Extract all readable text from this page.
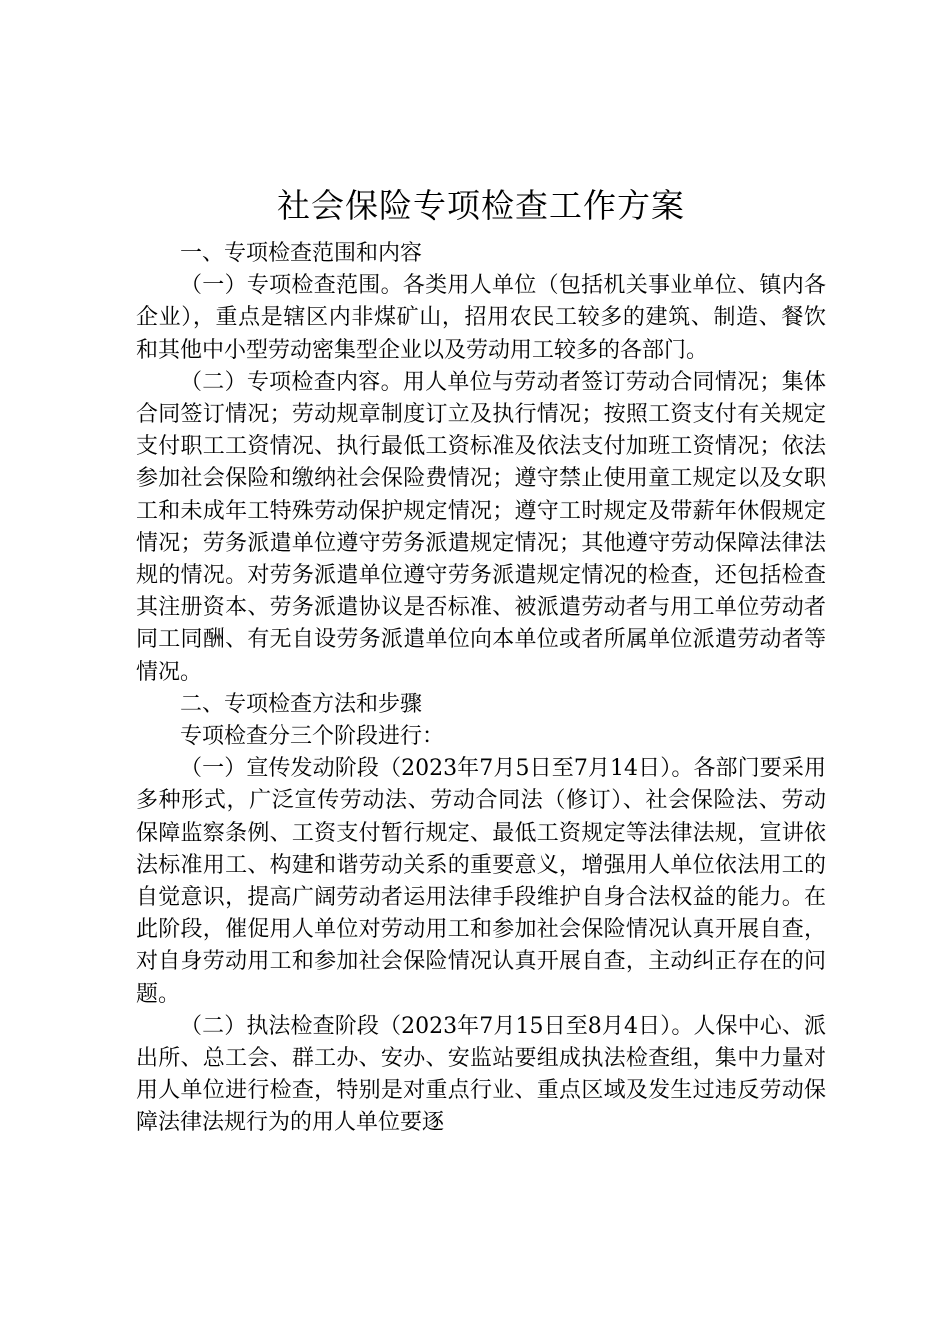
社会保险专项检查工作方案

一、专项检查范围和内容

（一）专项检查范围。各类用人单位（包括机关事业单位、镇内各企业），重点是辖区内非煤矿山，招用农民工较多的建筑、制造、餐饮和其他中小型劳动密集型企业以及劳动用工较多的各部门。

（二）专项检查内容。用人单位与劳动者签订劳动合同情况；集体合同签订情况；劳动规章制度订立及执行情况；按照工资支付有关规定支付职工工资情况、执行最低工资标准及依法支付加班工资情况；依法参加社会保险和缴纳社会保险费情况；遵守禁止使用童工规定以及女职工和未成年工特殊劳动保护规定情况；遵守工时规定及带薪年休假规定情况；劳务派遣单位遵守劳务派遣规定情况；其他遵守劳动保障法律法规的情况。对劳务派遣单位遵守劳务派遣规定情况的检查，还包括检查其注册资本、劳务派遣协议是否标准、被派遣劳动者与用工单位劳动者同工同酬、有无自设劳务派遣单位向本单位或者所属单位派遣劳动者等情况。

二、专项检查方法和步骤

专项检查分三个阶段进行：

（一）宣传发动阶段（2023年7月5日至7月14日）。各部门要采用多种形式，广泛宣传劳动法、劳动合同法（修订）、社会保险法、劳动保障监察条例、工资支付暂行规定、最低工资规定等法律法规，宣讲依法标准用工、构建和谐劳动关系的重要意义，增强用人单位依法用工的自觉意识，提高广阔劳动者运用法律手段维护自身合法权益的能力。在此阶段，催促用人单位对劳动用工和参加社会保险情况认真开展自查，对自身劳动用工和参加社会保险情况认真开展自查，主动纠正存在的问题。

（二）执法检查阶段（2023年7月15日至8月4日）。人保中心、派出所、总工会、群工办、安办、安监站要组成执法检查组，集中力量对用人单位进行检查，特别是对重点行业、重点区域及发生过违反劳动保障法律法规行为的用人单位要逐
